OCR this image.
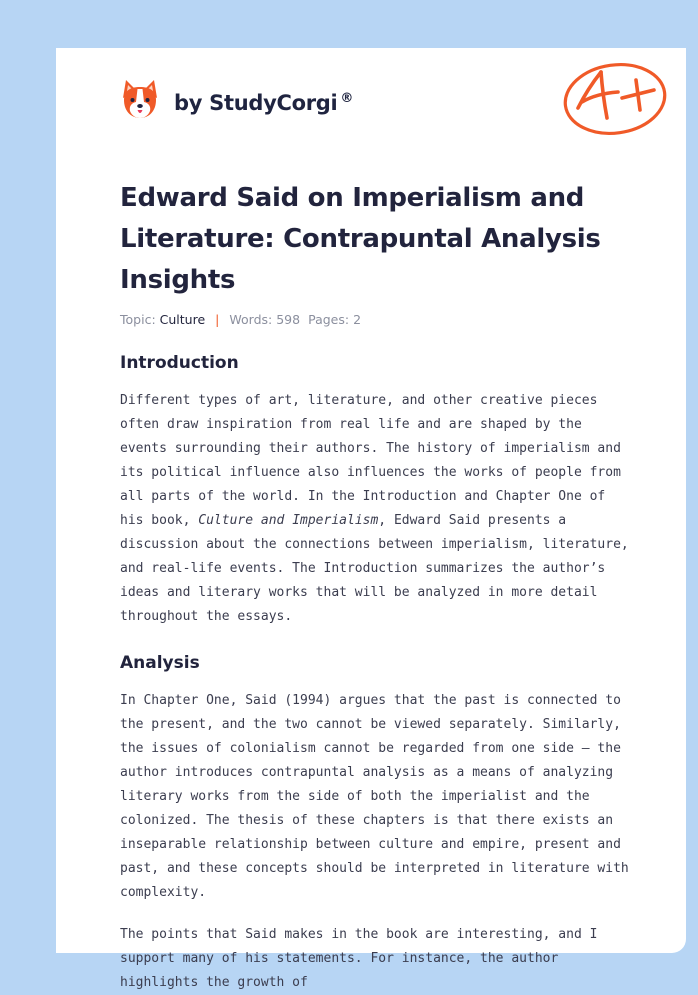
by StudyCorgi ®
A+
Edward Said on Imperialism and Literature: Contrapuntal Analysis Insights
Topic: Culture | Words: 598 Pages: 2
Introduction

Different types of art, literature, and other creative pieces often draw inspiration from real life and are shaped by the events surrounding their authors. The history of imperialism and its political influence also influences the works of people from all parts of the world. In the Introduction and Chapter One of his book, Culture and Imperialism, Edward Said presents a discussion about the connections between imperialism, literature, and real-life events. The Introduction summarizes the author’s ideas and literary works that will be analyzed in more detail throughout the essays.

Analysis

In Chapter One, Said (1994) argues that the past is connected to the present, and the two cannot be viewed separately. Similarly, the issues of colonialism cannot be regarded from one side – the author introduces contrapuntal analysis as a means of analyzing literary works from the side of both the imperialist and the colonized. The thesis of these chapters is that there exists an inseparable relationship between culture and empire, present and past, and these concepts should be interpreted in literature with complexity.

The points that Said makes in the book are interesting, and I support many of his statements. For instance, the author highlights the growth of
